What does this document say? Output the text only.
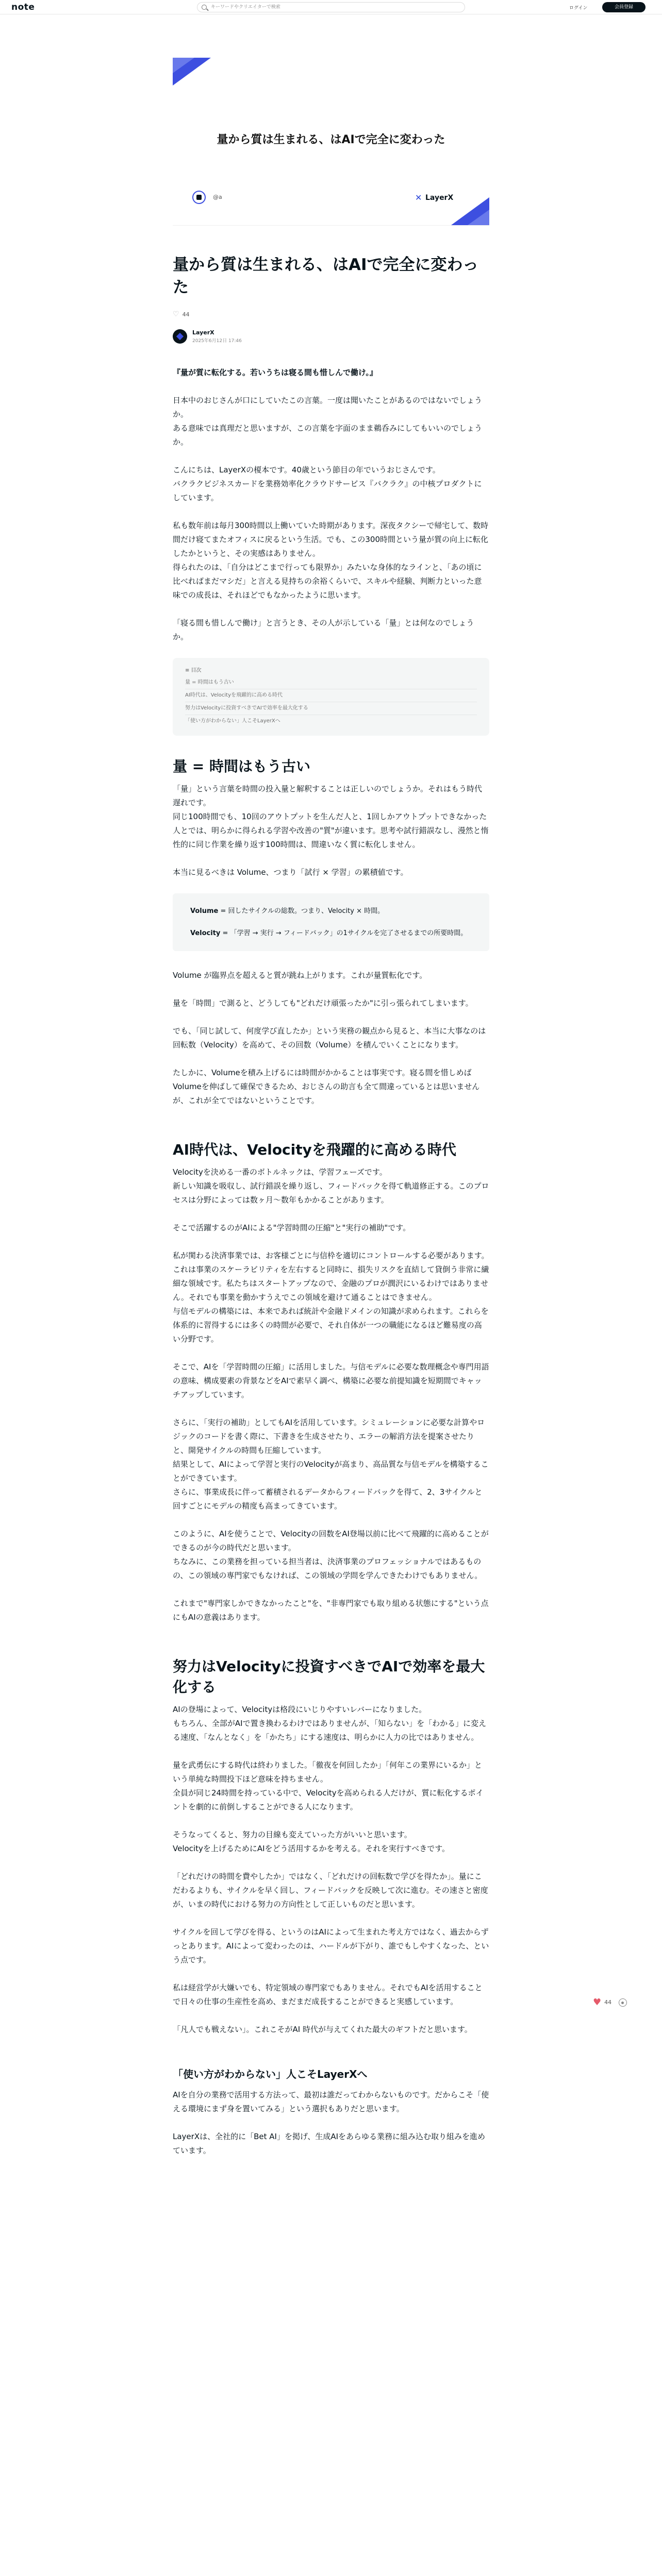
note
キーワードやクリエイターで検索	ログイン	会員登録
量から質は生まれる、はAIで完全に変わった
@a	✕ LayerX
量から質は生まれる、はAIで完全に変わった
♡ 44
LayerX
2025年6月12日 17:46

『量が質に転化する。若いうちは寝る間も惜しんで働け。』

日本中のおじさんが口にしていたこの言葉。一度は聞いたことがあるのではないでしょうか。
ある意味では真理だと思いますが、この言葉を字面のまま鵜呑みにしてもいいのでしょうか。

こんにちは、LayerXの榎本です。40歳という節目の年でいうおじさんです。
バクラクビジネスカードを業務効率化クラウドサービス『バクラク』の中核プロダクトにしています。

私も数年前は毎月300時間以上働いていた時期があります。深夜タクシーで帰宅して、数時間だけ寝てまたオフィスに戻るという生活。でも、この300時間という量が質の向上に転化したかというと、その実感はありません。
得られたのは、「自分はどこまで行っても限界か」みたいな身体的なラインと、「あの頃に比べればまだマシだ」と言える見持ちの余裕くらいで、スキルや経験、判断力といった意味での成長は、それほどでもなかったように思います。

「寝る間も惜しんで働け」と言うとき、その人が示している「量」とは何なのでしょうか。

≡ 目次
量 = 時間はもう古い
AI時代は、Velocityを飛躍的に高める時代
努力はVelocityに投資すべきでAIで効率を最大化する
「使い方がわからない」人こそLayerXへ
量 = 時間はもう古い

「量」という言葉を時間の投入量と解釈することは正しいのでしょうか。それはもう時代遅れです。
同じ100時間でも、10回のアウトプットを生んだ人と、1回しかアウトプットできなかった人とでは、明らかに得られる学習や改善の"質"が違います。思考や試行錯誤なし、漫然と惰性的に同じ作業を繰り返す100時間は、間違いなく質に転化しません。

本当に見るべきは Volume、つまり「試行 × 学習」の累積値です。

Volume = 回したサイクルの総数。つまり、Velocity × 時間。

Velocity = 「学習 → 実行 → フィードバック」の1サイクルを完了させるまでの所要時間。

Volume が臨界点を超えると質が跳ね上がります。これが量質転化です。

量を「時間」で測ると、どうしても"どれだけ頑張ったか"に引っ張られてしまいます。

でも、「同じ試して、何度学び直したか」という実務の観点から見ると、本当に大事なのは回転数（Velocity）を高めて、その回数（Volume）を積んでいくことになります。

たしかに、Volumeを積み上げるには時間がかかることは事実です。寝る間を惜しめばVolumeを伸ばして確保できるため、おじさんの助言も全て間違っているとは思いませんが、これが全てではないということです。

AI時代は、Velocityを飛躍的に高める時代

Velocityを決める一番のボトルネックは、学習フェーズです。
新しい知識を吸収し、試行錯誤を繰り返し、フィードバックを得て軌道修正する。このプロセスは分野によっては数ヶ月〜数年もかかることがあります。

そこで活躍するのがAIによる"学習時間の圧縮"と"実行の補助"です。

私が関わる決済事業では、お客様ごとに与信枠を適切にコントロールする必要があります。これは事業のスケーラビリティを左右すると同時に、損失リスクを直結して貸倒う非常に繊細な領域です。私たちはスタートアップなので、金融のプロが潤沢にいるわけではありません。それでも事業を動かすうえでこの領域を避けて通ることはできません。
与信モデルの構築には、本来であれば統計や金融ドメインの知識が求められます。これらを体系的に習得するには多くの時間が必要で、それ自体が一つの職能になるほど難易度の高い分野です。

そこで、AIを「学習時間の圧縮」に活用しました。与信モデルに必要な数理概念や専門用語の意味、構成要素の背景などをAIで素早く調べ、構築に必要な前提知識を短期間でキャッチアップしています。

さらに、「実行の補助」としてもAIを活用しています。シミュレーションに必要な計算やロジックのコードを書く際に、下書きを生成させたり、エラーの解消方法を提案させたりと、開発サイクルの時間も圧縮しています。
結果として、AIによって学習と実行のVelocityが高まり、高品質な与信モデルを構築することができています。
さらに、事業成長に伴って蓄積されるデータからフィードバックを得て、2、3サイクルと回すごとにモデルの精度も高まってきています。

このように、AIを使うことで、Velocityの回数をAI登場以前に比べて飛躍的に高めることができるのが今の時代だと思います。
ちなみに、この業務を担っている担当者は、決済事業のプロフェッショナルではあるものの、この領域の専門家でもなければ、この領域の学問を学んできたわけでもありません。

これまで"専門家しかできなかったこと"を、"非専門家でも取り組める状態にする"という点にもAIの意義はあります。

努力はVelocityに投資すべきでAIで効率を最大化する

AIの登場によって、Velocityは格段にいじりやすいレバーになりました。
もちろん、全部がAIで置き換わるわけではありませんが、「知らない」を「わかる」に変える速度、「なんとなく」を「かたち」にする速度は、明らかに人力の比ではありません。

量を武勇伝にする時代は終わりました。「徹夜を何回したか」「何年この業界にいるか」という単純な時間投下ほど意味を持ちません。
全員が同じ24時間を持っている中で、Velocityを高められる人だけが、質に転化するポイントを劇的に前倒しすることができる人になります。

そうなってくると、努力の目線も変えていった方がいいと思います。
Velocityを上げるためにAIをどう活用するかを考える。それを実行すべきです。

「どれだけの時間を費やしたか」ではなく、「どれだけの回転数で学びを得たか」。量にこだわるよりも、サイクルを早く回し、フィードバックを反映して次に進む。その速さと密度が、いまの時代における努力の方向性として正しいものだと思います。

サイクルを回して学びを得る、というのはAIによって生まれた考え方ではなく、過去からずっとあります。AIによって変わったのは、ハードルが下がり、誰でもしやすくなった、という点です。

私は経営学が大嫌いでも、特定領域の専門家でもありません。それでもAIを活用することで日々の仕事の生産性を高め、まだまだ成長することができると実感しています。

「凡人でも戦えない」。これこそがAI 時代が与えてくれた最大のギフトだと思います。

「使い方がわからない」人こそLayerXへ

AIを自分の業務で活用する方法って、最初は誰だってわからないものです。だからこそ「使える環境にまず身を置いてみる」という選択もありだと思います。

LayerXは、全社的に「Bet AI」を掲げ、生成AIをあらゆる業務に組み込む取り組みを進めています。

♥ 44
